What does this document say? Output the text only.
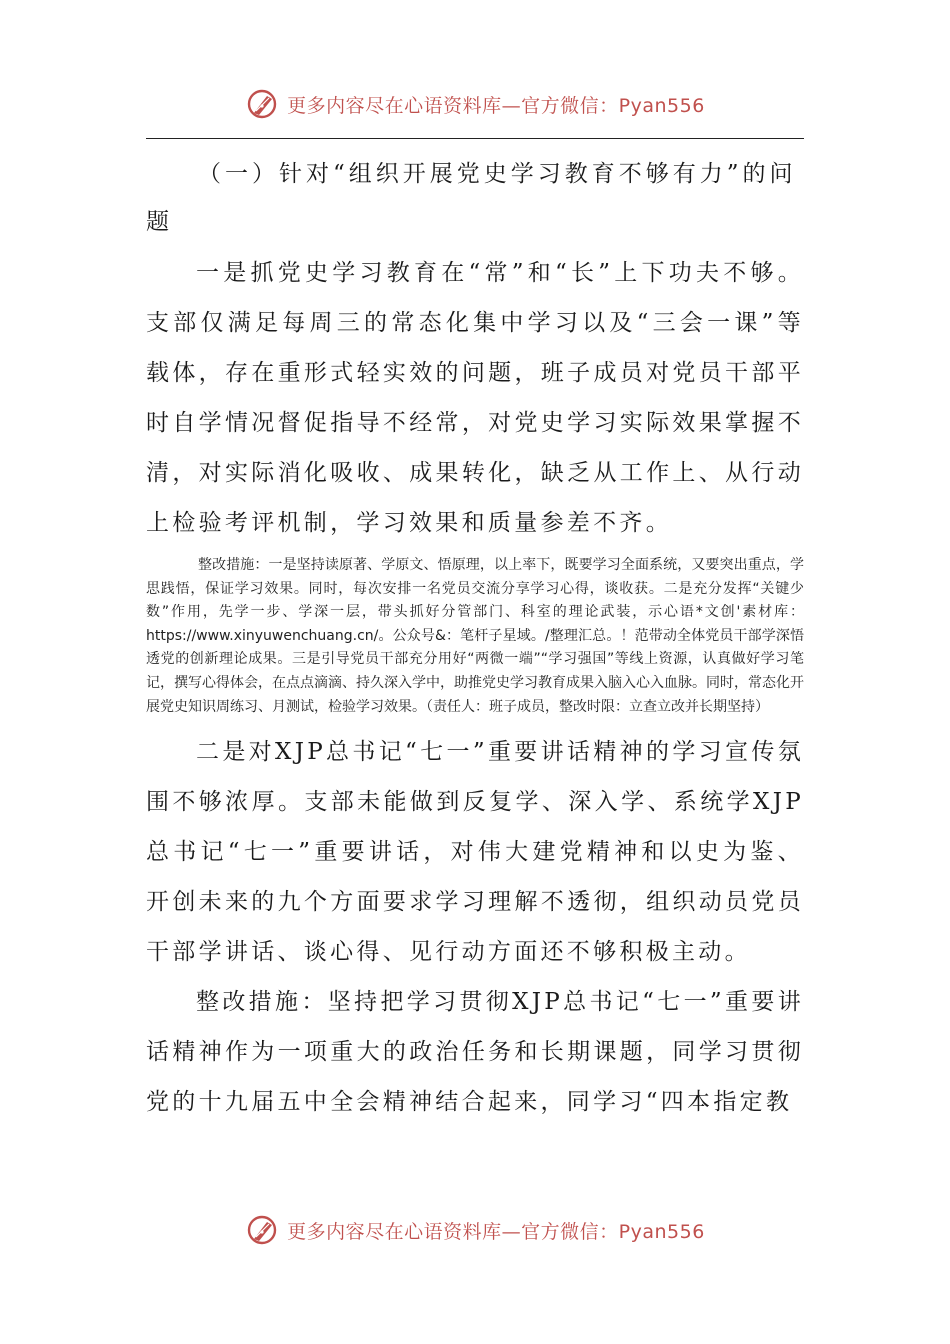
更多内容尽在心语资料库—官方微信：Pyan556

（一）针对“组织开展党史学习教育不够有力”的问题

一是抓党史学习教育在“常”和“长”上下功夫不够。支部仅满足每周三的常态化集中学习以及“三会一课”等载体，存在重形式轻实效的问题，班子成员对党员干部平时自学情况督促指导不经常，对党史学习实际效果掌握不清，对实际消化吸收、成果转化，缺乏从工作上、从行动上检验考评机制，学习效果和质量参差不齐。

整改措施：一是坚持读原著、学原文、悟原理，以上率下，既要学习全面系统，又要突出重点，学思践悟，保证学习效果。同时，每次安排一名党员交流分享学习心得，谈收获。二是充分发挥“关键少数”作用，先学一步、学深一层，带头抓好分管部门、科室的理论武装，示心语*文创'素材库：https://www.xinyuwenchuang.cn/。公众号&：笔杆子星域。/整理汇总。！范带动全体党员干部学深悟透党的创新理论成果。三是引导党员干部充分用好“两微一端”“学习强国”等线上资源，认真做好学习笔记，撰写心得体会，在点点滴滴、持久深入学中，助推党史学习教育成果入脑入心入血脉。同时，常态化开展党史知识周练习、月测试，检验学习效果。（责任人：班子成员，整改时限：立查立改并长期坚持）

二是对XJP总书记“七一”重要讲话精神的学习宣传氛围不够浓厚。支部未能做到反复学、深入学、系统学XJP总书记“七一”重要讲话，对伟大建党精神和以史为鉴、开创未来的九个方面要求学习理解不透彻，组织动员党员干部学讲话、谈心得、见行动方面还不够积极主动。

整改措施：坚持把学习贯彻XJP总书记“七一”重要讲话精神作为一项重大的政治任务和长期课题，同学习贯彻党的十九届五中全会精神结合起来，同学习“四本指定教

更多内容尽在心语资料库—官方微信：Pyan556
